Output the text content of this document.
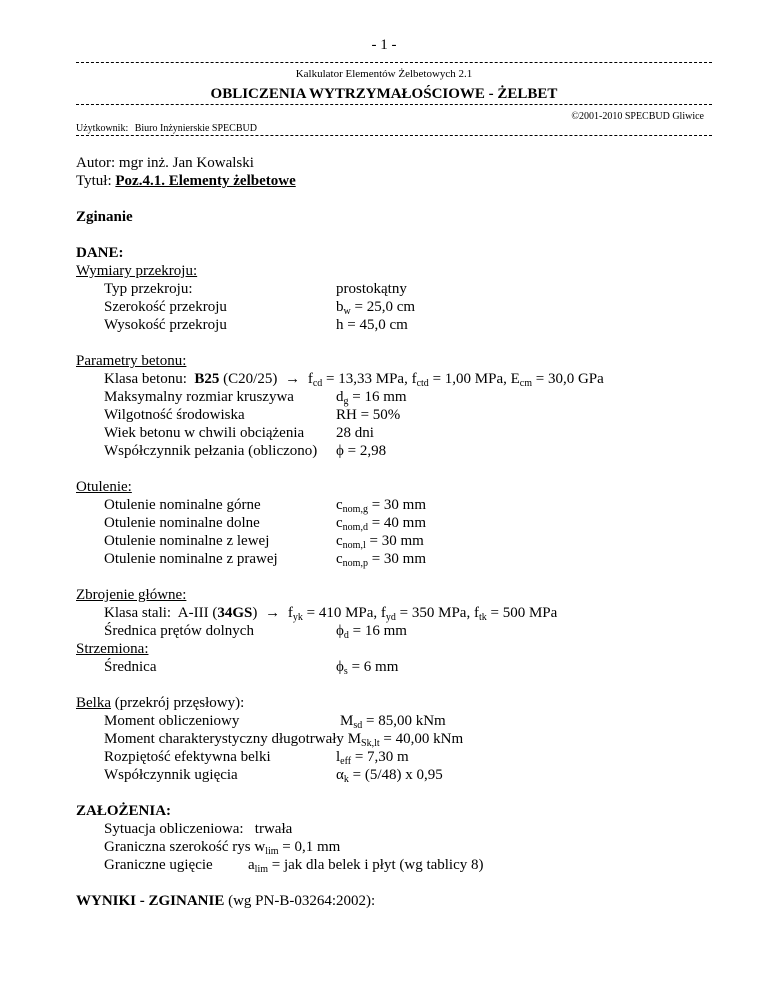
- 1 -
Kalkulator Elementów Żelbetowych 2.1
OBLICZENIA WYTRZYMAŁOŚCIOWE - ŻELBET
©2001-2010 SPECBUD Gliwice
Użytkownik: Biuro Inżynierskie SPECBUD
Autor: mgr inż. Jan Kowalski
Tytuł: Poz.4.1. Elementy żelbetowe
Zginanie
DANE:
Wymiary przekroju:
Typ przekroju:	prostokątny
Szerokość przekroju	$b_w = 25,0$ cm
Wysokość przekroju	h = 45,0 cm
Parametry betonu:
Klasa betonu: B25 $(C20/25) \to f_{cd} = 13,33$ MPa, $f_{ctd} = 1,00$ MPa, $E_{cm} = 30,0$ GPa
Maksymalny rozmiar kruszywa	$d_g = 16$ mm
Wilgotność środowiska	RH = 50%
Wiek betonu w chwili obciążenia 28 dni
Współczynnik pełzania (obliczono) ϕ = 2,98
Otulenie:
Otulenie nominalne górne	$c_{nom,g} = 30$ mm
Otulenie nominalne dolne	$c_{nom,d} = 40$ mm
Otulenie nominalne z lewej	$c_{nom,l} = 30$ mm
Otulenie nominalne z prawej	$c_{nom,p} = 30$ mm
Zbrojenie główne:
Klasa stali: A-III $(34GS) \to f_{yk} = 410$ MPa, $f_{yd} = 350$ MPa, $f_{tk} = 500$ MPa
Średnica prętów dolnych	$\phi_d = 16$ mm
Strzemiona:
Średnica	$\phi_s = 6$ mm
Belka (przekrój przęsłowy):
Moment obliczeniowy	$M_{sd} = 85,00$ kNm
Moment charakterystyczny długotrwały $M_{Sk,lt} = 40,00$ kNm
Rozpiętość efektywna belki	$l_{eff} = 7,30$ m
Współczynnik ugięcia	$\alpha_k = (5/48)$ x 0,95
ZAŁOŻENIA:
Sytuacja obliczeniowa: trwała
Graniczna szerokość rys $w_{lim} = 0,1$ mm
Graniczne ugięcie $a_{lim}$ = jak dla belek i płyt (wg tablicy 8)
WYNIKI - ZGINANIE (wg PN-B-03264:2002):
